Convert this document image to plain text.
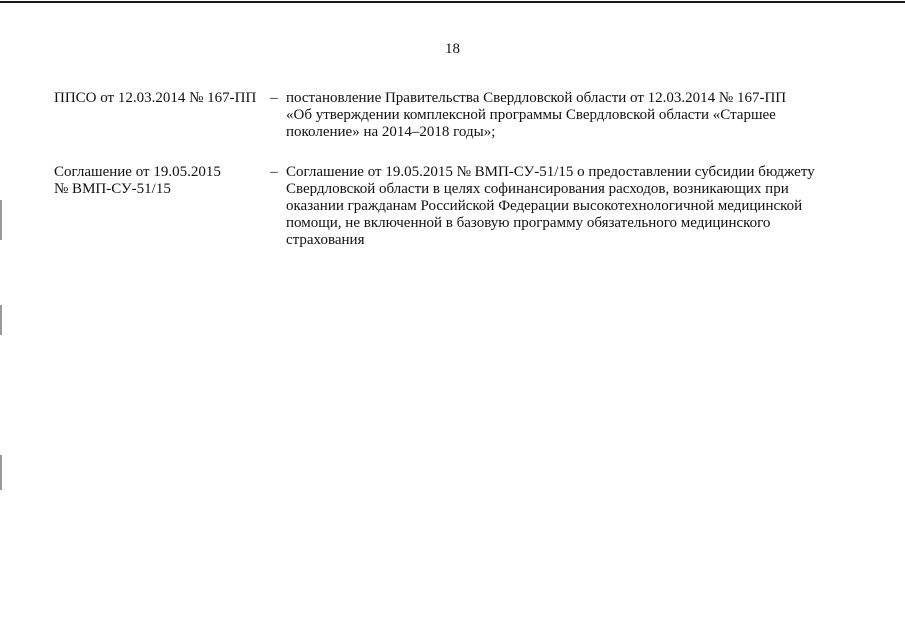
18
ППСО от 12.03.2014 № 167-ПП – постановление Правительства Свердловской области от 12.03.2014 № 167-ПП
«Об утверждении комплексной программы Свердловской области «Старшее
поколение» на 2014–2018 годы»;
Соглашение от 19.05.2015
№ ВМП-СУ-51/15
– Соглашение от 19.05.2015 № ВМП-СУ-51/15 о предоставлении субсидии бюджету
Свердловской области в целях софинансирования расходов, возникающих при
оказании гражданам Российской Федерации высокотехнологичной медицинской
помощи, не включенной в базовую программу обязательного медицинского
страхования
